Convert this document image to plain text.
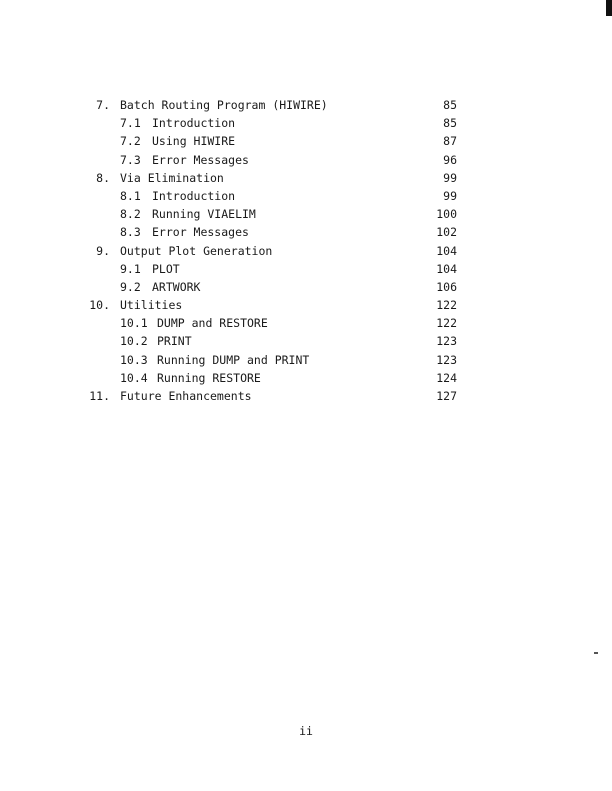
7. Batch Routing Program (HIWIRE)	85
7.1 Introduction	85
7.2 Using HIWIRE	87
7.3 Error Messages	96
8. Via Elimination	99
8.1 Introduction	99
8.2 Running VIAELIM	100
8.3 Error Messages	102
9. Output Plot Generation	104
9.1 PLOT	104
9.2 ARTWORK	106
10. Utilities	122
10.1 DUMP and RESTORE	122
10.2 PRINT	123
10.3 Running DUMP and PRINT	123
10.4 Running RESTORE	124
11. Future Enhancements	127
ii
